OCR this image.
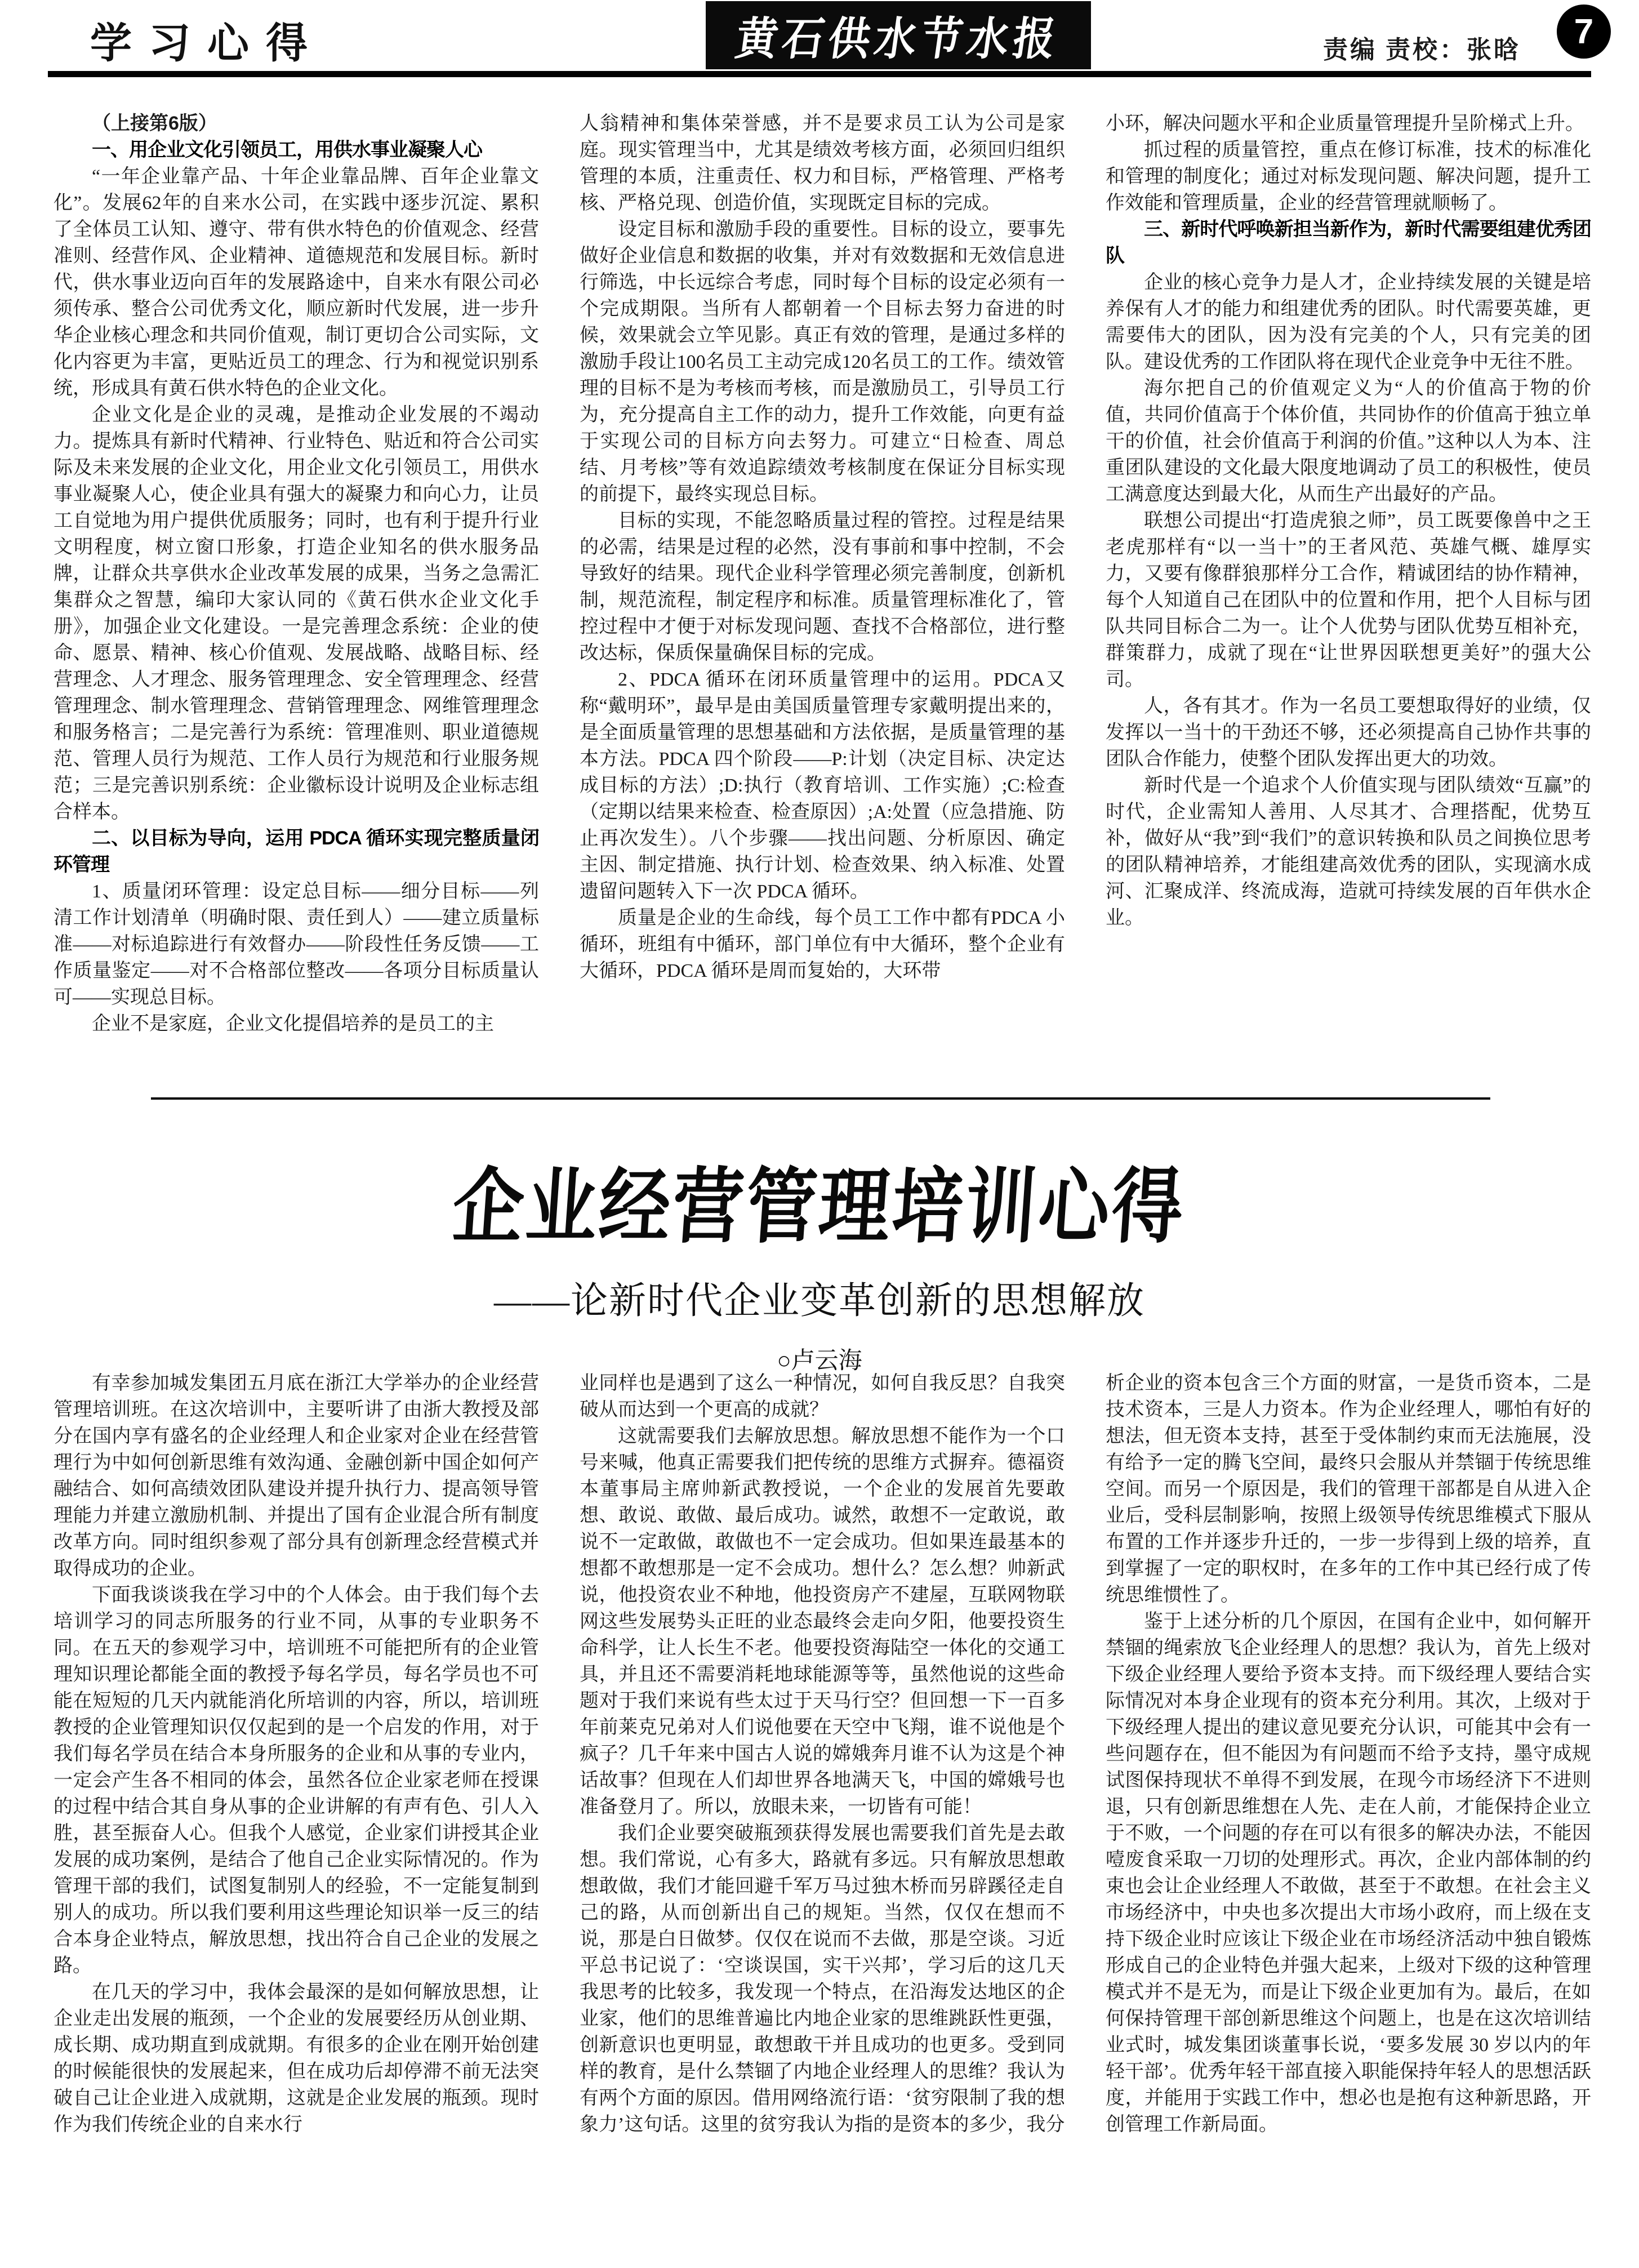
学习心得	黄石供水节水报	责编 责校：张晗	7

（上接第6版）

一、用企业文化引领员工，用供水事业凝聚人心

“一年企业靠产品、十年企业靠品牌、百年企业靠文化”。发展62年的自来水公司，在实践中逐步沉淀、累积了全体员工认知、遵守、带有供水特色的价值观念、经营准则、经营作风、企业精神、道德规范和发展目标。新时代，供水事业迈向百年的发展路途中，自来水有限公司必须传承、整合公司优秀文化，顺应新时代发展，进一步升华企业核心理念和共同价值观，制订更切合公司实际，文化内容更为丰富，更贴近员工的理念、行为和视觉识别系统，形成具有黄石供水特色的企业文化。

企业文化是企业的灵魂，是推动企业发展的不竭动力。提炼具有新时代精神、行业特色、贴近和符合公司实际及未来发展的企业文化，用企业文化引领员工，用供水事业凝聚人心，使企业具有强大的凝聚力和向心力，让员工自觉地为用户提供优质服务；同时，也有利于提升行业文明程度，树立窗口形象，打造企业知名的供水服务品牌，让群众共享供水企业改革发展的成果，当务之急需汇集群众之智慧，编印大家认同的《黄石供水企业文化手册》，加强企业文化建设。一是完善理念系统：企业的使命、愿景、精神、核心价值观、发展战略、战略目标、经营理念、人才理念、服务管理理念、安全管理理念、经营管理理念、制水管理理念、营销管理理念、网维管理理念和服务格言；二是完善行为系统：管理准则、职业道德规范、管理人员行为规范、工作人员行为规范和行业服务规范；三是完善识别系统：企业徽标设计说明及企业标志组合样本。

二、以目标为导向，运用 PDCA 循环实现完整质量闭环管理

1、质量闭环管理：设定总目标——细分目标——列清工作计划清单（明确时限、责任到人）——建立质量标准——对标追踪进行有效督办——阶段性任务反馈——工作质量鉴定——对不合格部位整改——各项分目标质量认可——实现总目标。

企业不是家庭，企业文化提倡培养的是员工的主

人翁精神和集体荣誉感，并不是要求员工认为公司是家庭。现实管理当中，尤其是绩效考核方面，必须回归组织管理的本质，注重责任、权力和目标，严格管理、严格考核、严格兑现、创造价值，实现既定目标的完成。

设定目标和激励手段的重要性。目标的设立，要事先做好企业信息和数据的收集，并对有效数据和无效信息进行筛选，中长远综合考虑，同时每个目标的设定必须有一个完成期限。当所有人都朝着一个目标去努力奋进的时候，效果就会立竿见影。真正有效的管理，是通过多样的激励手段让100名员工主动完成120名员工的工作。绩效管理的目标不是为考核而考核，而是激励员工，引导员工行为，充分提高自主工作的动力，提升工作效能，向更有益于实现公司的目标方向去努力。可建立“日检查、周总结、月考核”等有效追踪绩效考核制度在保证分目标实现的前提下，最终实现总目标。

目标的实现，不能忽略质量过程的管控。过程是结果的必需，结果是过程的必然，没有事前和事中控制，不会导致好的结果。现代企业科学管理必须完善制度，创新机制，规范流程，制定程序和标准。质量管理标准化了，管控过程中才便于对标发现问题、查找不合格部位，进行整改达标，保质保量确保目标的完成。

2、PDCA 循环在闭环质量管理中的运用。PDCA又称“戴明环”，最早是由美国质量管理专家戴明提出来的，是全面质量管理的思想基础和方法依据，是质量管理的基本方法。PDCA 四个阶段——P:计划（决定目标、决定达成目标的方法）;D:执行（教育培训、工作实施）;C:检查（定期以结果来检查、检查原因）;A:处置（应急措施、防止再次发生）。八个步骤——找出问题、分析原因、确定主因、制定措施、执行计划、检查效果、纳入标准、处置遗留问题转入下一次 PDCA 循环。

质量是企业的生命线，每个员工工作中都有PDCA 小循环，班组有中循环，部门单位有中大循环，整个企业有大循环，PDCA 循环是周而复始的，大环带

小环，解决问题水平和企业质量管理提升呈阶梯式上升。

抓过程的质量管控，重点在修订标准，技术的标准化和管理的制度化；通过对标发现问题、解决问题，提升工作效能和管理质量，企业的经营管理就顺畅了。

三、新时代呼唤新担当新作为，新时代需要组建优秀团队

企业的核心竞争力是人才，企业持续发展的关键是培养保有人才的能力和组建优秀的团队。时代需要英雄，更需要伟大的团队，因为没有完美的个人，只有完美的团队。建设优秀的工作团队将在现代企业竞争中无往不胜。

海尔把自己的价值观定义为“人的价值高于物的价值，共同价值高于个体价值，共同协作的价值高于独立单干的价值，社会价值高于利润的价值。”这种以人为本、注重团队建设的文化最大限度地调动了员工的积极性，使员工满意度达到最大化，从而生产出最好的产品。

联想公司提出“打造虎狼之师”，员工既要像兽中之王老虎那样有“以一当十”的王者风范、英雄气概、雄厚实力，又要有像群狼那样分工合作，精诚团结的协作精神，每个人知道自己在团队中的位置和作用，把个人目标与团队共同目标合二为一。让个人优势与团队优势互相补充，群策群力，成就了现在“让世界因联想更美好”的强大公司。

人，各有其才。作为一名员工要想取得好的业绩，仅发挥以一当十的干劲还不够，还必须提高自己协作共事的团队合作能力，使整个团队发挥出更大的功效。

新时代是一个追求个人价值实现与团队绩效“互赢”的时代，企业需知人善用、人尽其才、合理搭配，优势互补，做好从“我”到“我们”的意识转换和队员之间换位思考的团队精神培养，才能组建高效优秀的团队，实现滴水成河、汇聚成洋、终流成海，造就可持续发展的百年供水企业。

企业经营管理培训心得
——论新时代企业变革创新的思想解放
○卢云海

有幸参加城发集团五月底在浙江大学举办的企业经营管理培训班。在这次培训中，主要听讲了由浙大教授及部分在国内享有盛名的企业经理人和企业家对企业在经营管理行为中如何创新思维有效沟通、金融创新中国企如何产融结合、如何高绩效团队建设并提升执行力、提高领导管理能力并建立激励机制、并提出了国有企业混合所有制度改革方向。同时组织参观了部分具有创新理念经营模式并取得成功的企业。

下面我谈谈我在学习中的个人体会。由于我们每个去培训学习的同志所服务的行业不同，从事的专业职务不同。在五天的参观学习中，培训班不可能把所有的企业管理知识理论都能全面的教授予每名学员，每名学员也不可能在短短的几天内就能消化所培训的内容，所以，培训班教授的企业管理知识仅仅起到的是一个启发的作用，对于我们每名学员在结合本身所服务的企业和从事的专业内，一定会产生各不相同的体会，虽然各位企业家老师在授课的过程中结合其自身从事的企业讲解的有声有色、引人入胜，甚至振奋人心。但我个人感觉，企业家们讲授其企业发展的成功案例，是结合了他自己企业实际情况的。作为管理干部的我们，试图复制别人的经验，不一定能复制到别人的成功。所以我们要利用这些理论知识举一反三的结合本身企业特点，解放思想，找出符合自己企业的发展之路。

在几天的学习中，我体会最深的是如何解放思想，让企业走出发展的瓶颈，一个企业的发展要经历从创业期、成长期、成功期直到成就期。有很多的企业在刚开始创建的时候能很快的发展起来，但在成功后却停滞不前无法突破自己让企业进入成就期，这就是企业发展的瓶颈。现时作为我们传统企业的自来水行

业同样也是遇到了这么一种情况，如何自我反思？自我突破从而达到一个更高的成就？

这就需要我们去解放思想。解放思想不能作为一个口号来喊，他真正需要我们把传统的思维方式摒弃。德福资本董事局主席帅新武教授说，一个企业的发展首先要敢想、敢说、敢做、最后成功。诚然，敢想不一定敢说，敢说不一定敢做，敢做也不一定会成功。但如果连最基本的想都不敢想那是一定不会成功。想什么？怎么想？帅新武说，他投资农业不种地，他投资房产不建屋，互联网物联网这些发展势头正旺的业态最终会走向夕阳，他要投资生命科学，让人长生不老。他要投资海陆空一体化的交通工具，并且还不需要消耗地球能源等等，虽然他说的这些命题对于我们来说有些太过于天马行空？但回想一下一百多年前莱克兄弟对人们说他要在天空中飞翔，谁不说他是个疯子？几千年来中国古人说的嫦娥奔月谁不认为这是个神话故事？但现在人们却世界各地满天飞，中国的嫦娥号也准备登月了。所以，放眼未来，一切皆有可能！

我们企业要突破瓶颈获得发展也需要我们首先是去敢想。我们常说，心有多大，路就有多远。只有解放思想敢想敢做，我们才能回避千军万马过独木桥而另辟蹊径走自己的路，从而创新出自己的规矩。当然，仅仅在想而不说，那是白日做梦。仅仅在说而不去做，那是空谈。习近平总书记说了：‘空谈误国，实干兴邦’，学习后的这几天我思考的比较多，我发现一个特点，在沿海发达地区的企业家，他们的思维普遍比内地企业家的思维跳跃性更强，创新意识也更明显，敢想敢干并且成功的也更多。受到同样的教育，是什么禁锢了内地企业经理人的思维？我认为有两个方面的原因。借用网络流行语：‘贫穷限制了我的想象力’这句话。这里的贫穷我认为指的是资本的多少，我分

析企业的资本包含三个方面的财富，一是货币资本，二是技术资本，三是人力资本。作为企业经理人，哪怕有好的想法，但无资本支持，甚至于受体制约束而无法施展，没有给予一定的腾飞空间，最终只会服从并禁锢于传统思维空间。而另一个原因是，我们的管理干部都是自从进入企业后，受科层制影响，按照上级领导传统思维模式下服从布置的工作并逐步升迁的，一步一步得到上级的培养，直到掌握了一定的职权时，在多年的工作中其已经行成了传统思维惯性了。

鉴于上述分析的几个原因，在国有企业中，如何解开禁锢的绳索放飞企业经理人的思想？我认为，首先上级对下级企业经理人要给予资本支持。而下级经理人要结合实际情况对本身企业现有的资本充分利用。其次，上级对于下级经理人提出的建议意见要充分认识，可能其中会有一些问题存在，但不能因为有问题而不给予支持，墨守成规试图保持现状不单得不到发展，在现今市场经济下不进则退，只有创新思维想在人先、走在人前，才能保持企业立于不败，一个问题的存在可以有很多的解决办法，不能因噎废食采取一刀切的处理形式。再次，企业内部体制的约束也会让企业经理人不敢做，甚至于不敢想。在社会主义市场经济中，中央也多次提出大市场小政府，而上级在支持下级企业时应该让下级企业在市场经济活动中独自锻炼形成自己的企业特色并强大起来，上级对下级的这种管理模式并不是无为，而是让下级企业更加有为。最后，在如何保持管理干部创新思维这个问题上，也是在这次培训结业式时，城发集团谈董事长说，‘要多发展 30 岁以内的年轻干部’。优秀年轻干部直接入职能保持年轻人的思想活跃度，并能用于实践工作中，想必也是抱有这种新思路，开创管理工作新局面。
